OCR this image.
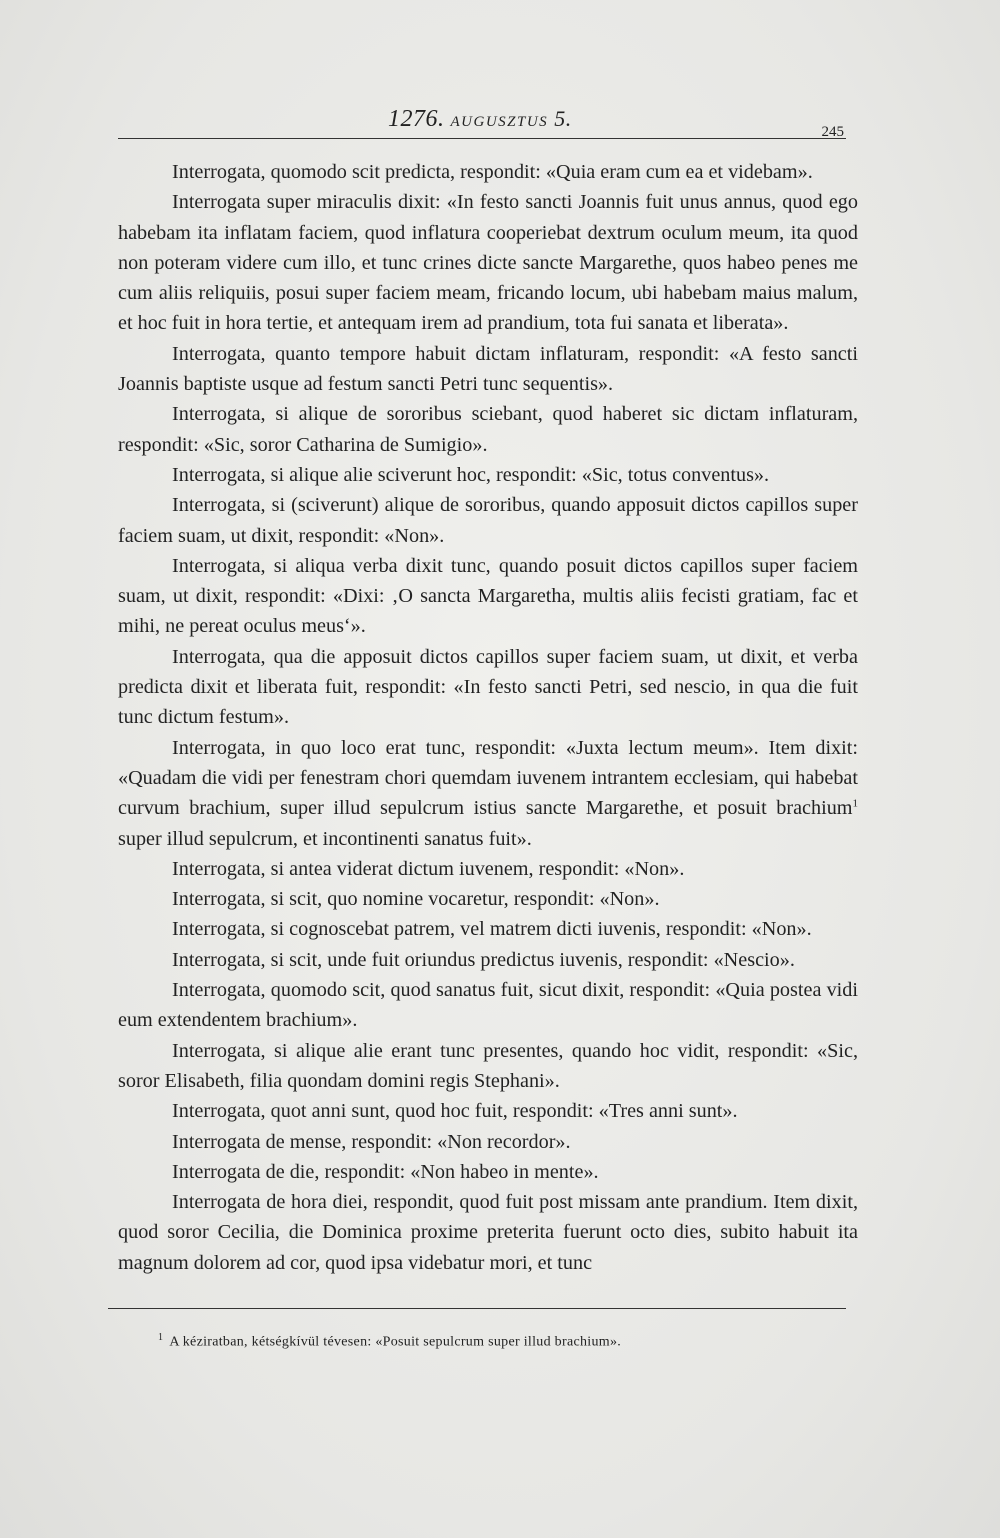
1276. AUGUSZTUS 5.
245

Interrogata, quomodo scit predicta, respondit: «Quia eram cum ea et videbam».

Interrogata super miraculis dixit: «In festo sancti Joannis fuit unus annus, quod ego habebam ita inflatam faciem, quod inflatura cooperiebat dextrum oculum meum, ita quod non poteram videre cum illo, et tunc crines dicte sancte Margarethe, quos habeo penes me cum aliis reliquiis, posui super faciem meam, fricando locum, ubi habebam maius malum, et hoc fuit in hora tertie, et antequam irem ad prandium, tota fui sanata et liberata».

Interrogata, quanto tempore habuit dictam inflaturam, respondit: «A festo sancti Joannis baptiste usque ad festum sancti Petri tunc sequentis».

Interrogata, si alique de sororibus sciebant, quod haberet sic dictam inflaturam, respondit: «Sic, soror Catharina de Sumigio».

Interrogata, si alique alie sciverunt hoc, respondit: «Sic, totus conventus».

Interrogata, si (sciverunt) alique de sororibus, quando apposuit dictos capillos super faciem suam, ut dixit, respondit: «Non».

Interrogata, si aliqua verba dixit tunc, quando posuit dictos capillos super faciem suam, ut dixit, respondit: «Dixi: ‚O sancta Margaretha, multis aliis fecisti gratiam, fac et mihi, ne pereat oculus meus‘».

Interrogata, qua die apposuit dictos capillos super faciem suam, ut dixit, et verba predicta dixit et liberata fuit, respondit: «In festo sancti Petri, sed nescio, in qua die fuit tunc dictum festum».

Interrogata, in quo loco erat tunc, respondit: «Juxta lectum meum». Item dixit: «Quadam die vidi per fenestram chori quemdam iuvenem intrantem ecclesiam, qui habebat curvum brachium, super illud sepulcrum istius sancte Margarethe, et posuit brachium$^1$ super illud sepulcrum, et incontinenti sanatus fuit».

Interrogata, si antea viderat dictum iuvenem, respondit: «Non».

Interrogata, si scit, quo nomine vocaretur, respondit: «Non».

Interrogata, si cognoscebat patrem, vel matrem dicti iuvenis, respondit: «Non».

Interrogata, si scit, unde fuit oriundus predictus iuvenis, respondit: «Nescio».

Interrogata, quomodo scit, quod sanatus fuit, sicut dixit, respondit: «Quia postea vidi eum extendentem brachium».

Interrogata, si alique alie erant tunc presentes, quando hoc vidit, respondit: «Sic, soror Elisabeth, filia quondam domini regis Stephani».

Interrogata, quot anni sunt, quod hoc fuit, respondit: «Tres anni sunt».

Interrogata de mense, respondit: «Non recordor».

Interrogata de die, respondit: «Non habeo in mente».

Interrogata de hora diei, respondit, quod fuit post missam ante prandium. Item dixit, quod soror Cecilia, die Dominica proxime preterita fuerunt octo dies, subito habuit ita magnum dolorem ad cor, quod ipsa videbatur mori, et tunc

$^1$ A kéziratban, kétségkívül tévesen: «Posuit sepulcrum super illud brachium».
